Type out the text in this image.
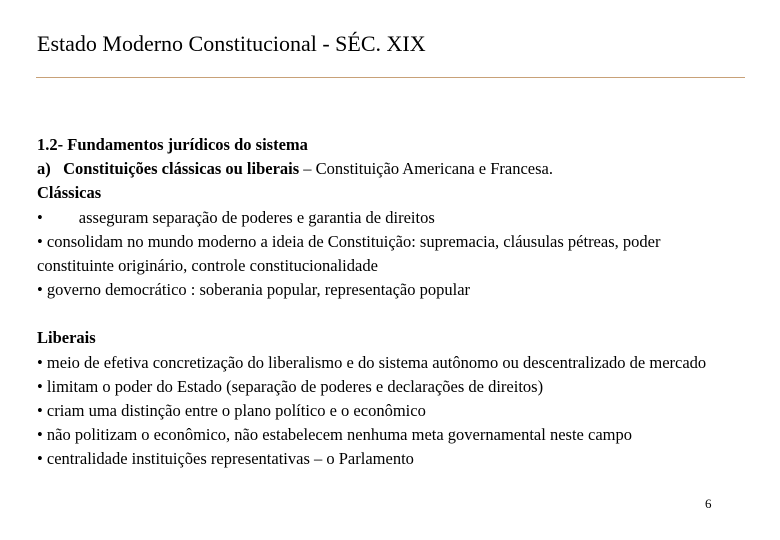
Estado Moderno Constitucional - SÉC. XIX
1.2- Fundamentos jurídicos do sistema
a) Constituições clássicas ou liberais – Constituição Americana e Francesa.
Clássicas
• asseguram separação de poderes e garantia de direitos
• consolidam no mundo moderno a ideia de Constituição: supremacia, cláusulas pétreas, poder constituinte originário, controle constitucionalidade
• governo democrático : soberania popular, representação popular
Liberais
• meio de efetiva concretização do liberalismo e do sistema autônomo ou descentralizado de mercado
• limitam o poder do Estado (separação de poderes e declarações de direitos)
• criam uma distinção entre o plano político e o econômico
• não politizam o econômico, não estabelecem nenhuma meta governamental neste campo
• centralidade instituições representativas – o Parlamento
6
